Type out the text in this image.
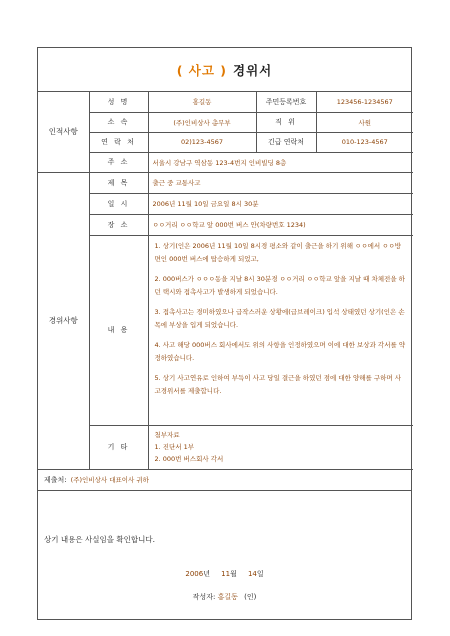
( 사고 ) 경위서
인적사항	성 명	홍길동	주민등록번호	123456-1234567
	소 속	(주)인비상사 총무부	직 위	사원
	연 락 처	02)123-4567	긴급 연락처	010-123-4567
	주 소	서울시 강남구 역삼동 123-4번지 인비빌딩 8층		
경위사항	제 목	출근 중 교통사고		
	일 시	2006년 11월 10일 금요일 8시 30분		
	장 소	ㅇㅇ거리 ㅇㅇ학교 앞 000번 버스 안(차량번호 1234)		
	내 용	1. 상기(인은 2006년 11월 10일 8시경 평소와 같이 출근을 하기 위해 ㅇㅇ에서 ㅇㅇ방면인 000번 버스에 탑승하게 되었고,

2. 000버스가 ㅇㅇㅇ동을 지날 8시 30분경 ㅇㅇ거리 ㅇㅇ학교 앞을 지날 때 차체전을 하던 택시와 접촉사고가 발생하게 되었습니다.

3. 접촉사고는 경미하였으나 급작스러운 상황에(급브레이크) 입석 상태였던 상기(인은 손목에 부상을 입게 되었습니다.

4. 사고 해당 000버스 회사에서도 위의 사항을 인정하였으며 이에 대한 보상과 각서를 약정하였습니다.

5. 상기 사고연유로 인하여 부득이 사고 당일 결근을 하였던 점에 대한 양해를 구하며 사고경위서를 제출합니다.		

	기 타	첨부자료
1. 진단서 1부
2. 000번 버스회사 각서		
제출처: (주)인비상사 대표이사 귀하
상기 내용은 사실임을 확인합니다.
2006년 11월 14일
작성자: 홍길동 (인)
